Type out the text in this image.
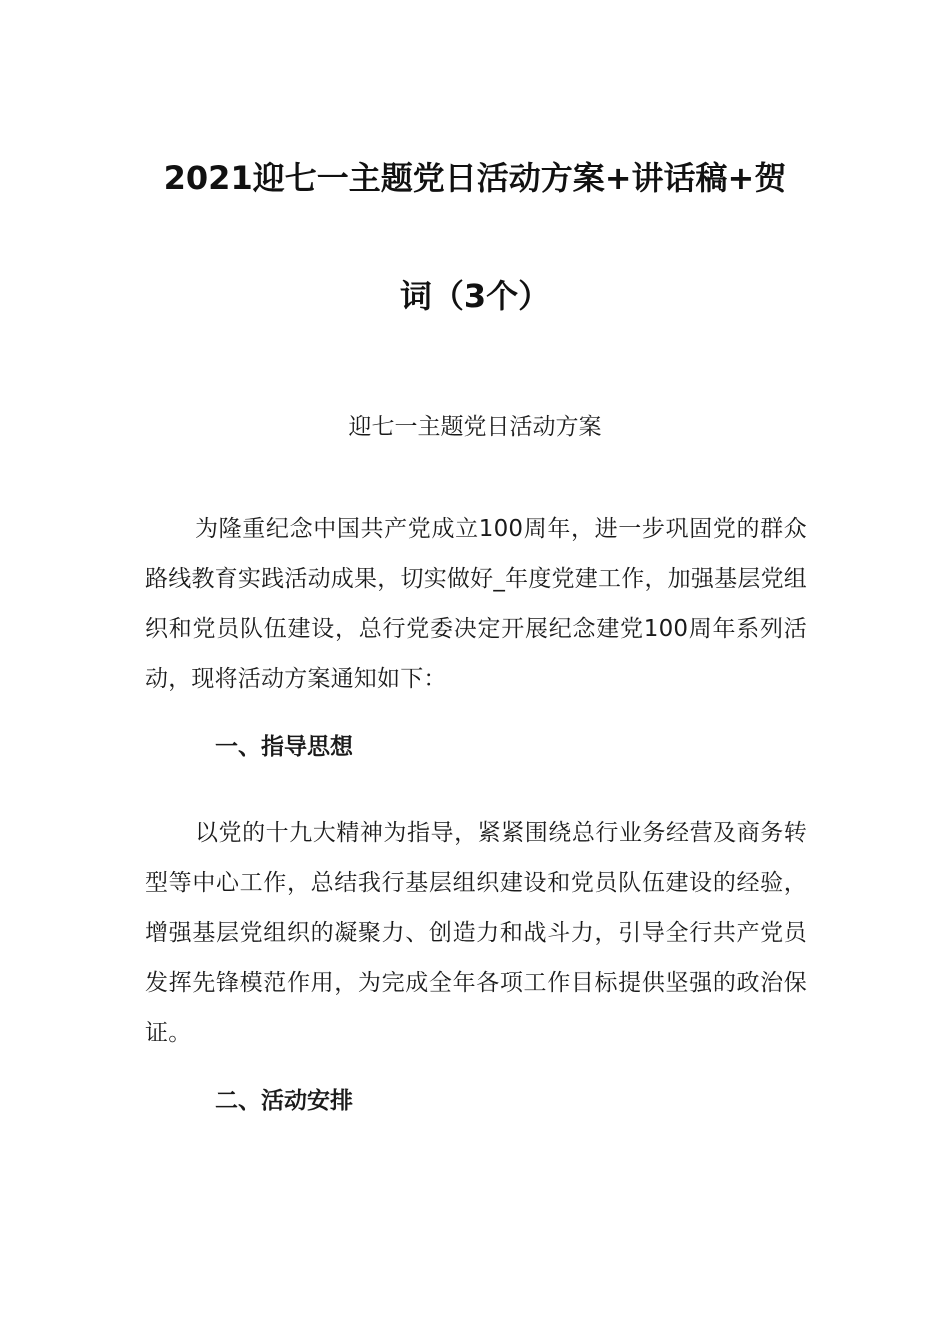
2021迎七一主题党日活动方案+讲话稿+贺
词（3个）

迎七一主题党日活动方案

为隆重纪念中国共产党成立100周年，进一步巩固党的群众路线教育实践活动成果，切实做好_年度党建工作，加强基层党组织和党员队伍建设，总行党委决定开展纪念建党100周年系列活动，现将活动方案通知如下：

一、指导思想

以党的十九大精神为指导，紧紧围绕总行业务经营及商务转型等中心工作，总结我行基层组织建设和党员队伍建设的经验，增强基层党组织的凝聚力、创造力和战斗力，引导全行共产党员发挥先锋模范作用，为完成全年各项工作目标提供坚强的政治保证。

二、活动安排
